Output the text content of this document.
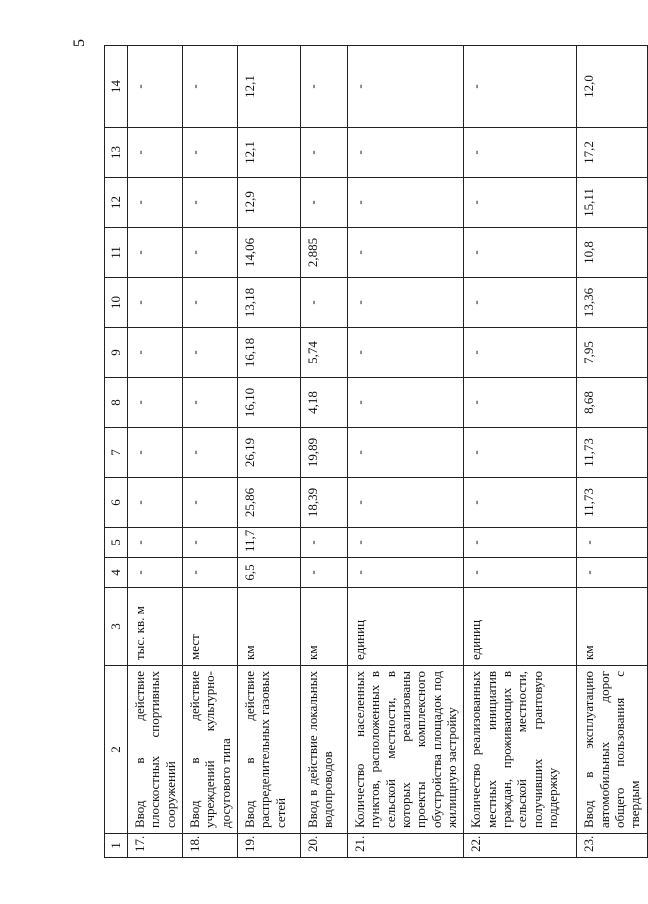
5
1	2	3	4	5	6	7	8	9	10	11	12	13	14
17.	Ввод в действие плоскостных спортивных сооружений	тыс. кв. м	-	-	-	-	-	-	-	-	-	-	-
18.	Ввод в действие учреждений культурно-досугового типа	мест	-	-	-	-	-	-	-	-	-	-	-
19.	Ввод в действие распределительных газовых сетей	км	6,5	11,7	25,86	26,19	16,10	16,18	13,18	14,06	12,9	12,1	12,1
20.	Ввод в действие локальных водопроводов	км	-	-	18,39	19,89	4,18	5,74	-	2,885	-	-	-
21.	Количество населенных пунктов, расположенных в сельской местности, в которых реализованы проекты комплексного обустройства площадок под жилищную застройку	единиц	-	-	-	-	-	-	-	-	-	-	-
22.	Количество реализованных местных инициатив граждан, проживающих в сельской местности, получивших грантовую поддержку	единиц	-	-	-	-	-	-	-	-	-	-	-
23.	Ввод в эксплуатацию автомобильных дорог общего пользования с твердым	км	-	-	11,73	11,73	8,68	7,95	13,36	10,8	15,11	17,2	12,0
